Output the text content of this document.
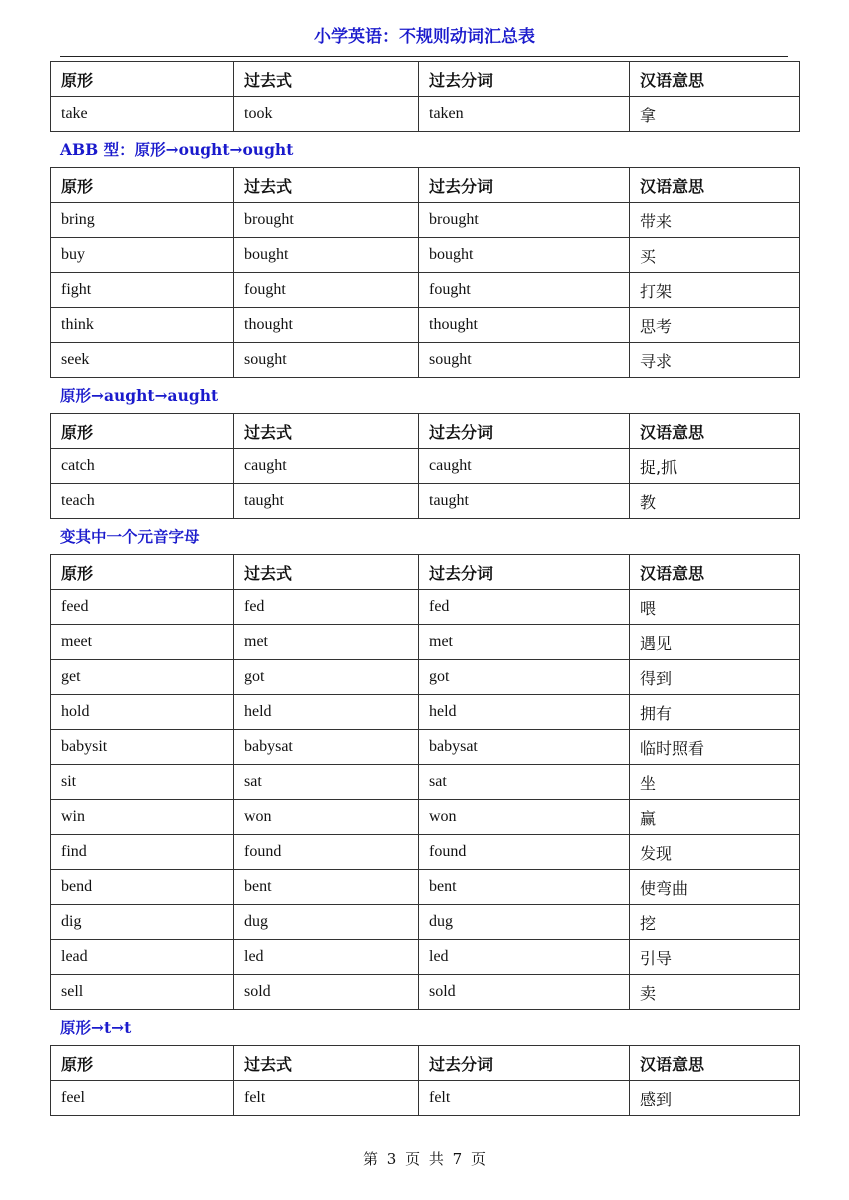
小学英语：不规则动词汇总表
原形	过去式	过去分词	汉语意思
take	took	taken	拿
ABB 型：原形→ought→ought
原形	过去式	过去分词	汉语意思
bring	brought	brought	带来
buy	bought	bought	买
fight	fought	fought	打架
think	thought	thought	思考
seek	sought	sought	寻求
原形→aught→aught
原形	过去式	过去分词	汉语意思
catch	caught	caught	捉,抓
teach	taught	taught	教
变其中一个元音字母
原形	过去式	过去分词	汉语意思
feed	fed	fed	喂
meet	met	met	遇见
get	got	got	得到
hold	held	held	拥有
babysit	babysat	babysat	临时照看
sit	sat	sat	坐
win	won	won	赢
find	found	found	发现
bend	bent	bent	使弯曲
dig	dug	dug	挖
lead	led	led	引导
sell	sold	sold	卖
原形→t→t
原形	过去式	过去分词	汉语意思
feel	felt	felt	感到
第 3 页 共 7 页
